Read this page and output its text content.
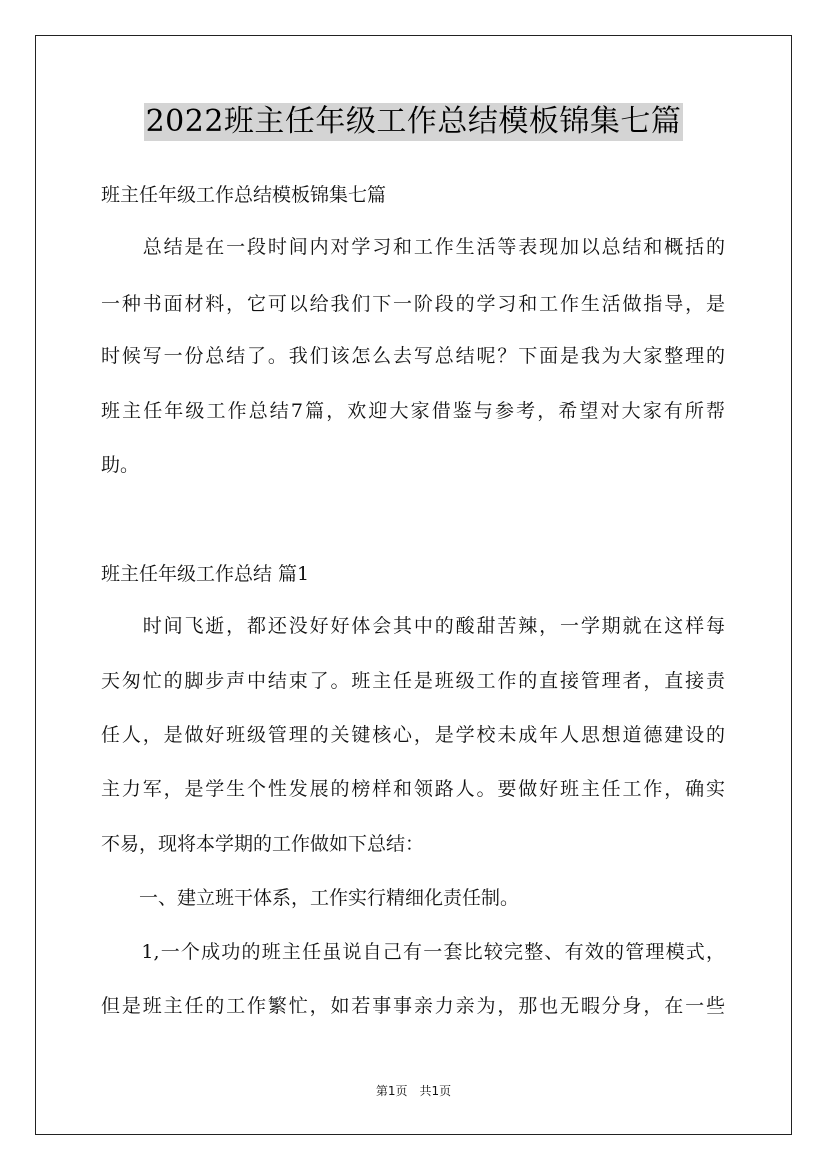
2022班主任年级工作总结模板锦集七篇
班主任年级工作总结模板锦集七篇
　　总结是在一段时间内对学习和工作生活等表现加以总结和概括的
一种书面材料，它可以给我们下一阶段的学习和工作生活做指导，是
时候写一份总结了。我们该怎么去写总结呢？下面是我为大家整理的
班主任年级工作总结7篇，欢迎大家借鉴与参考，希望对大家有所帮
助。
班主任年级工作总结 篇1
　　时间飞逝，都还没好好体会其中的酸甜苦辣，一学期就在这样每
天匆忙的脚步声中结束了。班主任是班级工作的直接管理者，直接责
任人，是做好班级管理的关键核心，是学校未成年人思想道德建设的
主力军，是学生个性发展的榜样和领路人。要做好班主任工作，确实
不易，现将本学期的工作做如下总结：
　　一、建立班干体系，工作实行精细化责任制。
　　1,一个成功的班主任虽说自己有一套比较完整、有效的管理模式，
但是班主任的工作繁忙，如若事事亲力亲为，那也无暇分身，在一些
第1页　共1页
